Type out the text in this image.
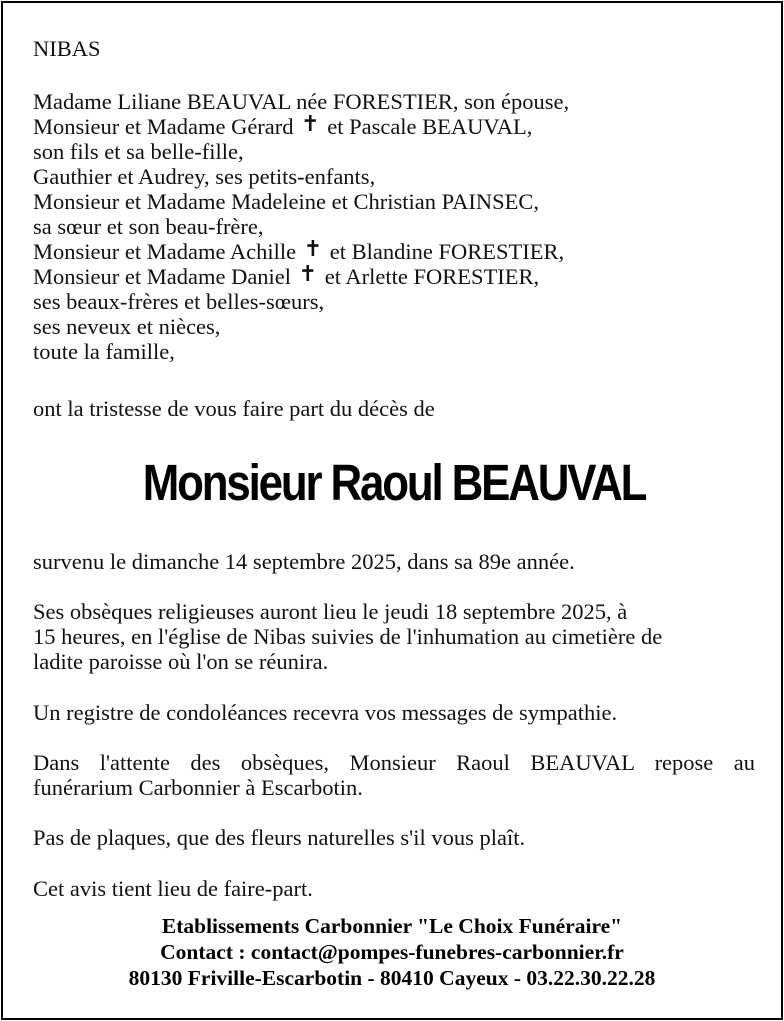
NIBAS
Madame Liliane BEAUVAL née FORESTIER, son épouse,
Monsieur et Madame Gérard ✝ et Pascale BEAUVAL,
son fils et sa belle-fille,
Gauthier et Audrey, ses petits-enfants,
Monsieur et Madame Madeleine et Christian PAINSEC,
sa sœur et son beau-frère,
Monsieur et Madame Achille ✝ et Blandine FORESTIER,
Monsieur et Madame Daniel ✝ et Arlette FORESTIER,
ses beaux-frères et belles-sœurs,
ses neveux et nièces,
toute la famille,
ont la tristesse de vous faire part du décès de
Monsieur Raoul BEAUVAL
survenu le dimanche 14 septembre 2025, dans sa 89e année.
Ses obsèques religieuses auront lieu le jeudi 18 septembre 2025, à
15 heures, en l'église de Nibas suivies de l'inhumation au cimetière de
ladite paroisse où l'on se réunira.
Un registre de condoléances recevra vos messages de sympathie.
Dans l'attente des obsèques, Monsieur Raoul BEAUVAL repose au
funérarium Carbonnier à Escarbotin.
Pas de plaques, que des fleurs naturelles s'il vous plaît.
Cet avis tient lieu de faire-part.
Etablissements Carbonnier "Le Choix Funéraire"
Contact : contact@pompes-funebres-carbonnier.fr
80130 Friville-Escarbotin - 80410 Cayeux - 03.22.30.22.28
